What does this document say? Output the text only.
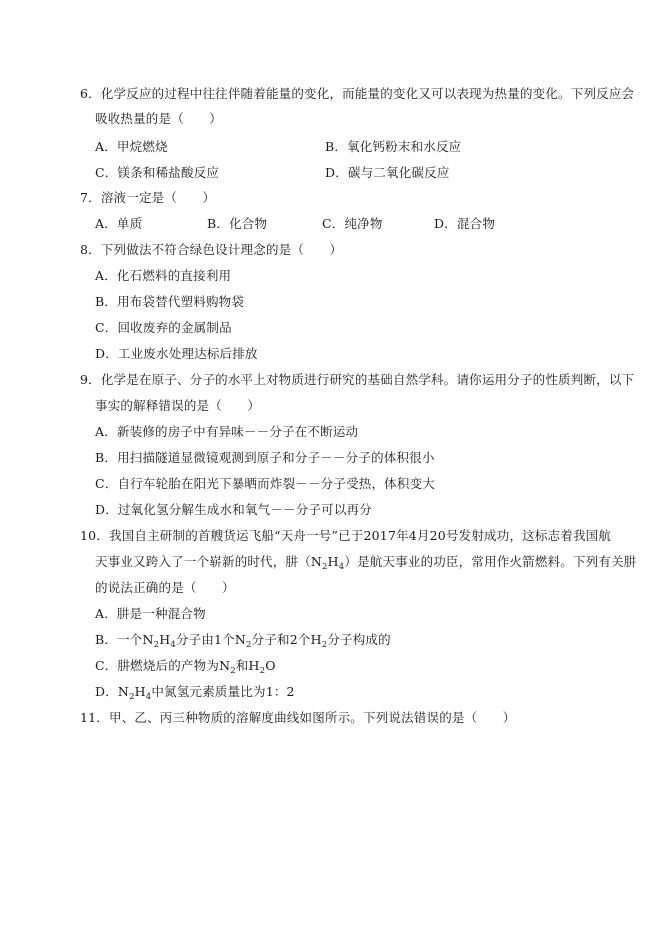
6．化学反应的过程中往往伴随着能量的变化，而能量的变化又可以表现为热量的变化。下列反应会
吸收热量的是（　　）
A．甲烷燃烧	B．氧化钙粉末和水反应
C．镁条和稀盐酸反应	D．碳与二氧化碳反应
7．溶液一定是（　　）
A．单质	B．化合物	C．纯净物	D．混合物
8．下列做法不符合绿色设计理念的是（　　）
A．化石燃料的直接利用
B．用布袋替代塑料购物袋
C．回收废弃的金属制品
D．工业废水处理达标后排放
9．化学是在原子、分子的水平上对物质进行研究的基础自然学科。请你运用分子的性质判断，以下
事实的解释错误的是（　　）
A．新装修的房子中有异味－－分子在不断运动
B．用扫描隧道显微镜观测到原子和分子－－分子的体积很小
C．自行车轮胎在阳光下暴晒而炸裂－－分子受热，体积变大
D．过氧化氢分解生成水和氧气－－分子可以再分
10．我国自主研制的首艘货运飞船“天舟一号”已于2017年4月20号发射成功，这标志着我国航
天事业又跨入了一个崭新的时代，肼$(N_2H_4)$是航天事业的功臣，常用作火箭燃料。下列有关肼
的说法正确的是（　　）
A．肼是一种混合物
B．一个$N_2H_4$分子由1个$N_2$分子和2个$H_2$分子构成的
C．肼燃烧后的产物为$N_2$和$H_2O$
D．$N_2H_4$中氮氢元素质量比为1：2
11．甲、乙、丙三种物质的溶解度曲线如图所示。下列说法错误的是（　　）
